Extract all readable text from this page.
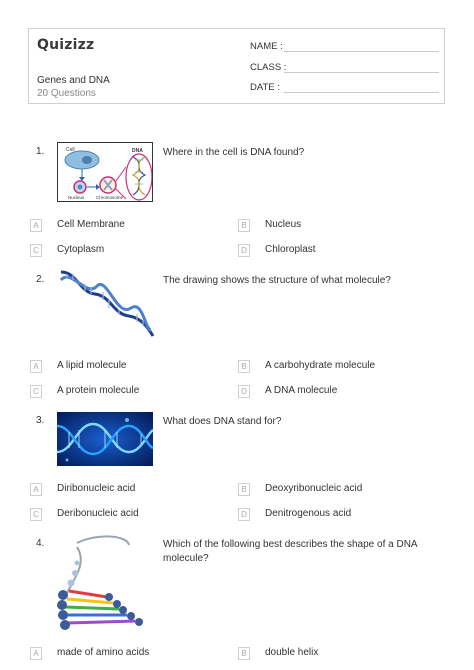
Quizizz
Genes and DNA
20 Questions
NAME :
CLASS :
DATE :
1.	Cell
Nucleus	Chromosome
DNA Where in the cell is DNA found?
A	Cell Membrane	B	Nucleus
C	Cytoplasm	D	Chloroplast
2.	The drawing shows the structure of what molecule?
A	A lipid molecule	B	A carbohydrate molecule
C	A protein molecule	D	A DNA molecule
3.	What does DNA stand for?
A	Diribonucleic acid	B	Deoxyribonucleic acid
C	Deribonucleic acid	D	Denitrogenous acid
4.	Which of the following best describes the shape of a DNA molecule?
A	made of amino acids	B	double helix
